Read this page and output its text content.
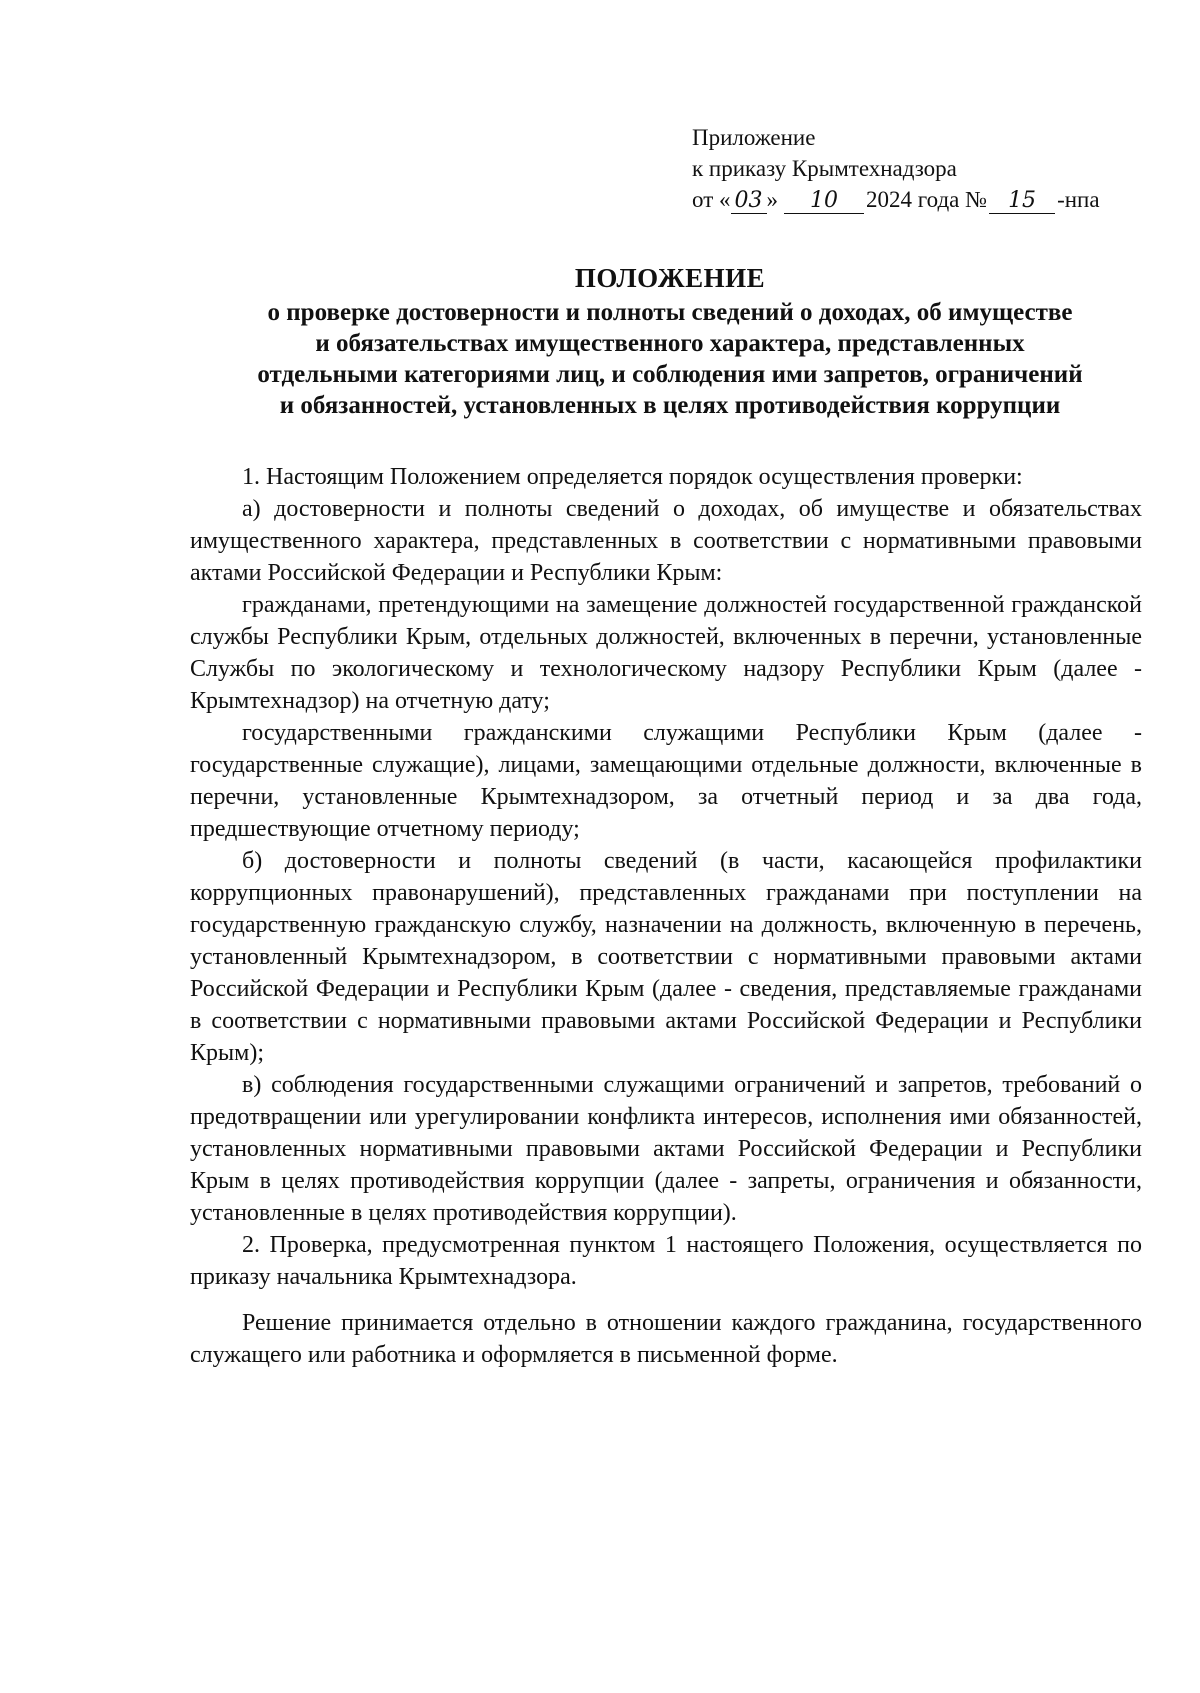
Приложение
к приказу Крымтехнадзора
от « 03 » 10 2024 года № 15 -нпа
ПОЛОЖЕНИЕ
о проверке достоверности и полноты сведений о доходах, об имуществе
и обязательствах имущественного характера, представленных
отдельными категориями лиц, и соблюдения ими запретов, ограничений
и обязанностей, установленных в целях противодействия коррупции

1. Настоящим Положением определяется порядок осуществления проверки:

а) достоверности и полноты сведений о доходах, об имуществе и обязательствах имущественного характера, представленных в соответствии с нормативными правовыми актами Российской Федерации и Республики Крым:

гражданами, претендующими на замещение должностей государственной гражданской службы Республики Крым, отдельных должностей, включенных в перечни, установленные Службы по экологическому и технологическому надзору Республики Крым (далее - Крымтехнадзор) на отчетную дату;

государственными гражданскими служащими Республики Крым (далее - государственные служащие), лицами, замещающими отдельные должности, включенные в перечни, установленные Крымтехнадзором, за отчетный период и за два года, предшествующие отчетному периоду;

б) достоверности и полноты сведений (в части, касающейся профилактики коррупционных правонарушений), представленных гражданами при поступлении на государственную гражданскую службу, назначении на должность, включенную в перечень, установленный Крымтехнадзором, в соответствии с нормативными правовыми актами Российской Федерации и Республики Крым (далее - сведения, представляемые гражданами в соответствии с нормативными правовыми актами Российской Федерации и Республики Крым);

в) соблюдения государственными служащими ограничений и запретов, требований о предотвращении или урегулировании конфликта интересов, исполнения ими обязанностей, установленных нормативными правовыми актами Российской Федерации и Республики Крым в целях противодействия коррупции (далее - запреты, ограничения и обязанности, установленные в целях противодействия коррупции).

2. Проверка, предусмотренная пунктом 1 настоящего Положения, осуществляется по приказу начальника Крымтехнадзора.

Решение принимается отдельно в отношении каждого гражданина, государственного служащего или работника и оформляется в письменной форме.
